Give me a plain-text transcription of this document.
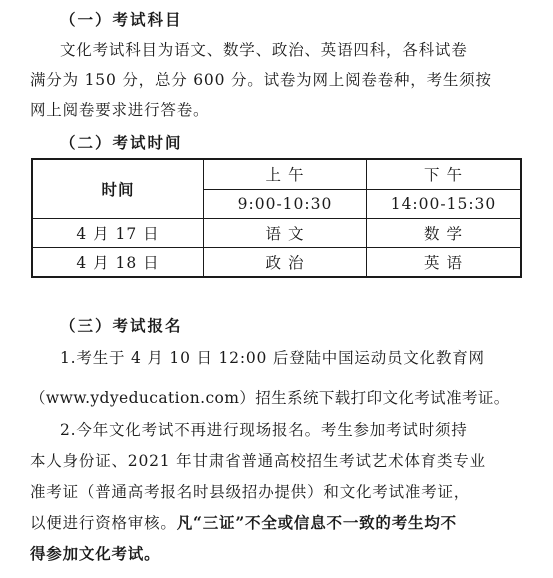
（一）考试科目
文化考试科目为语文、数学、政治、英语四科，各科试卷
满分为 150 分，总分 600 分。试卷为网上阅卷卷种，考生须按
网上阅卷要求进行答卷。
（二）考试时间
时间	上 午	下 午
	9:00-10:30	14:00-15:30
4 月 17 日	语 文	数 学
4 月 18 日	政 治	英 语
（三）考试报名
1.考生于 4 月 10 日 12:00 后登陆中国运动员文化教育网
（www.ydyeducation.com）招生系统下载打印文化考试准考证。
2.今年文化考试不再进行现场报名。考生参加考试时须持
本人身份证、2021 年甘肃省普通高校招生考试艺术体育类专业
准考证（普通高考报名时县级招办提供）和文化考试准考证，
以便进行资格审核。凡“三证”不全或信息不一致的考生均不
得参加文化考试。
